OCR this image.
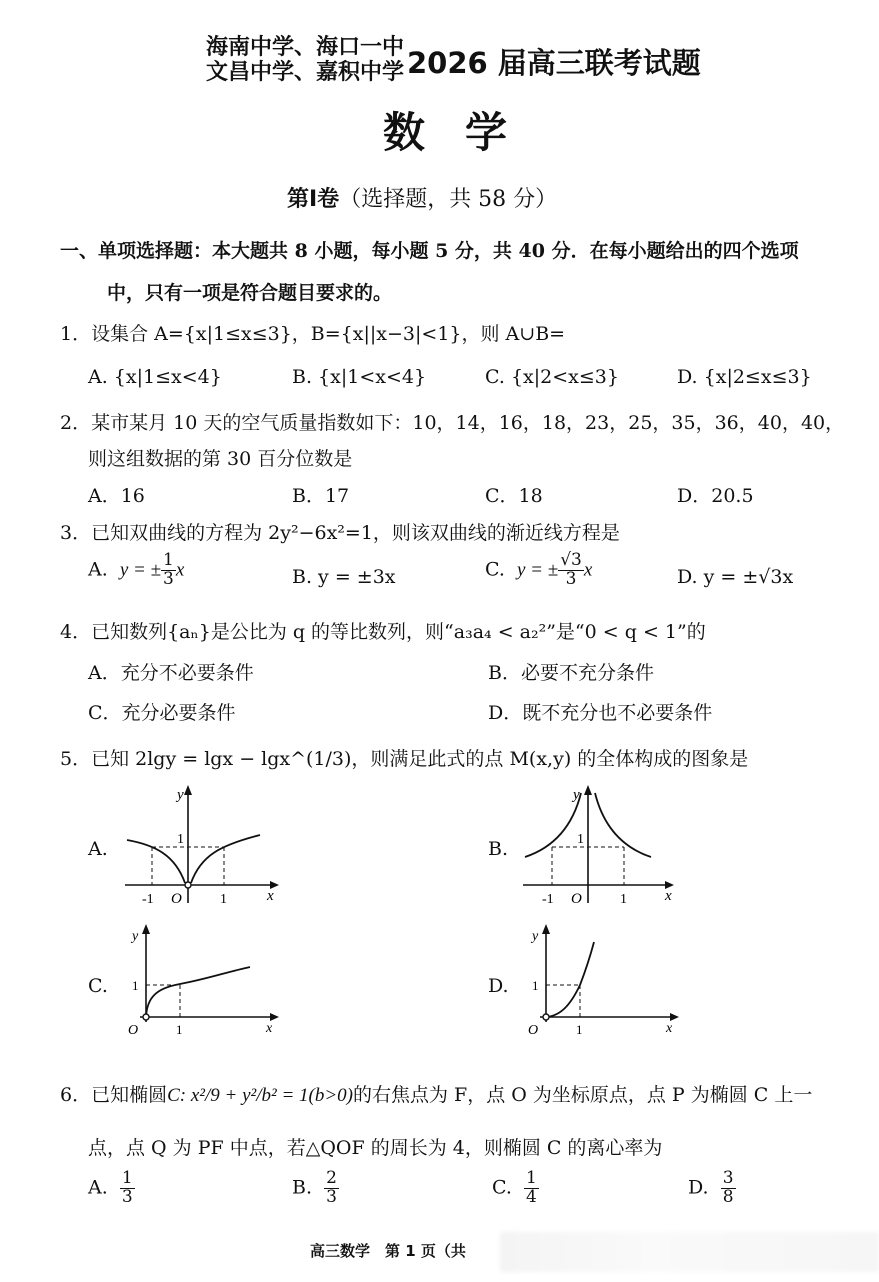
海南中学、海口一中
文昌中学、嘉积中学 2026 届高三联考试题
数学
第Ⅰ卷（选择题，共 58 分）
一、单项选择题：本大题共 8 小题，每小题 5 分，共 40 分．在每小题给出的四个选项
中，只有一项是符合题目要求的。
1．设集合 A={x|1≤x≤3}，B={x||x−3|<1}，则 A∪B=
A. {x|1≤x<4}	B. {x|1<x<4}	C. {x|2<x≤3}	D. {x|2≤x≤3}
2．某市某月 10 天的空气质量指数如下：10，14，16，18，23，25，35，36，40，40，
则这组数据的第 30 百分位数是
A．16	B．17	C．18	D．20.5
3．已知双曲线的方程为 2y²−6x²=1，则该双曲线的渐近线方程是
A. y = ± $\frac{1}{3}$ x	B. y = ±3x	C. y = ± $\frac{√3}{3}$ x	D. y = ±√3x
4．已知数列{aₙ}是公比为 q 的等比数列，则“a₃a₄ < a₂²”是“0 < q < 1”的
A．充分不必要条件	B．必要不充分条件
C．充分必要条件	D．既不充分也不必要条件
5．已知 2lgy = lgx − lgx^(1/3)，则满足此式的点 M(x,y) 的全体构成的图象是
A.
y
x
O
1
-1	1
B.
y
x
O
1
-1	1
C.
y
x
O
1
1
D.
y
x
O
1
1
6．已知椭圆C: x²/9 + y²/b² = 1(b>0)的右焦点为 F，点 O 为坐标原点，点 P 为椭圆 C 上一
点，点 Q 为 PF 中点，若△QOF 的周长为 4，则椭圆 C 的离心率为
A. $\frac{1}{3}$	B. $\frac{2}{3}$	C. $\frac{1}{4}$	D. $\frac{3}{8}$
高三数学　第 1 页（共
